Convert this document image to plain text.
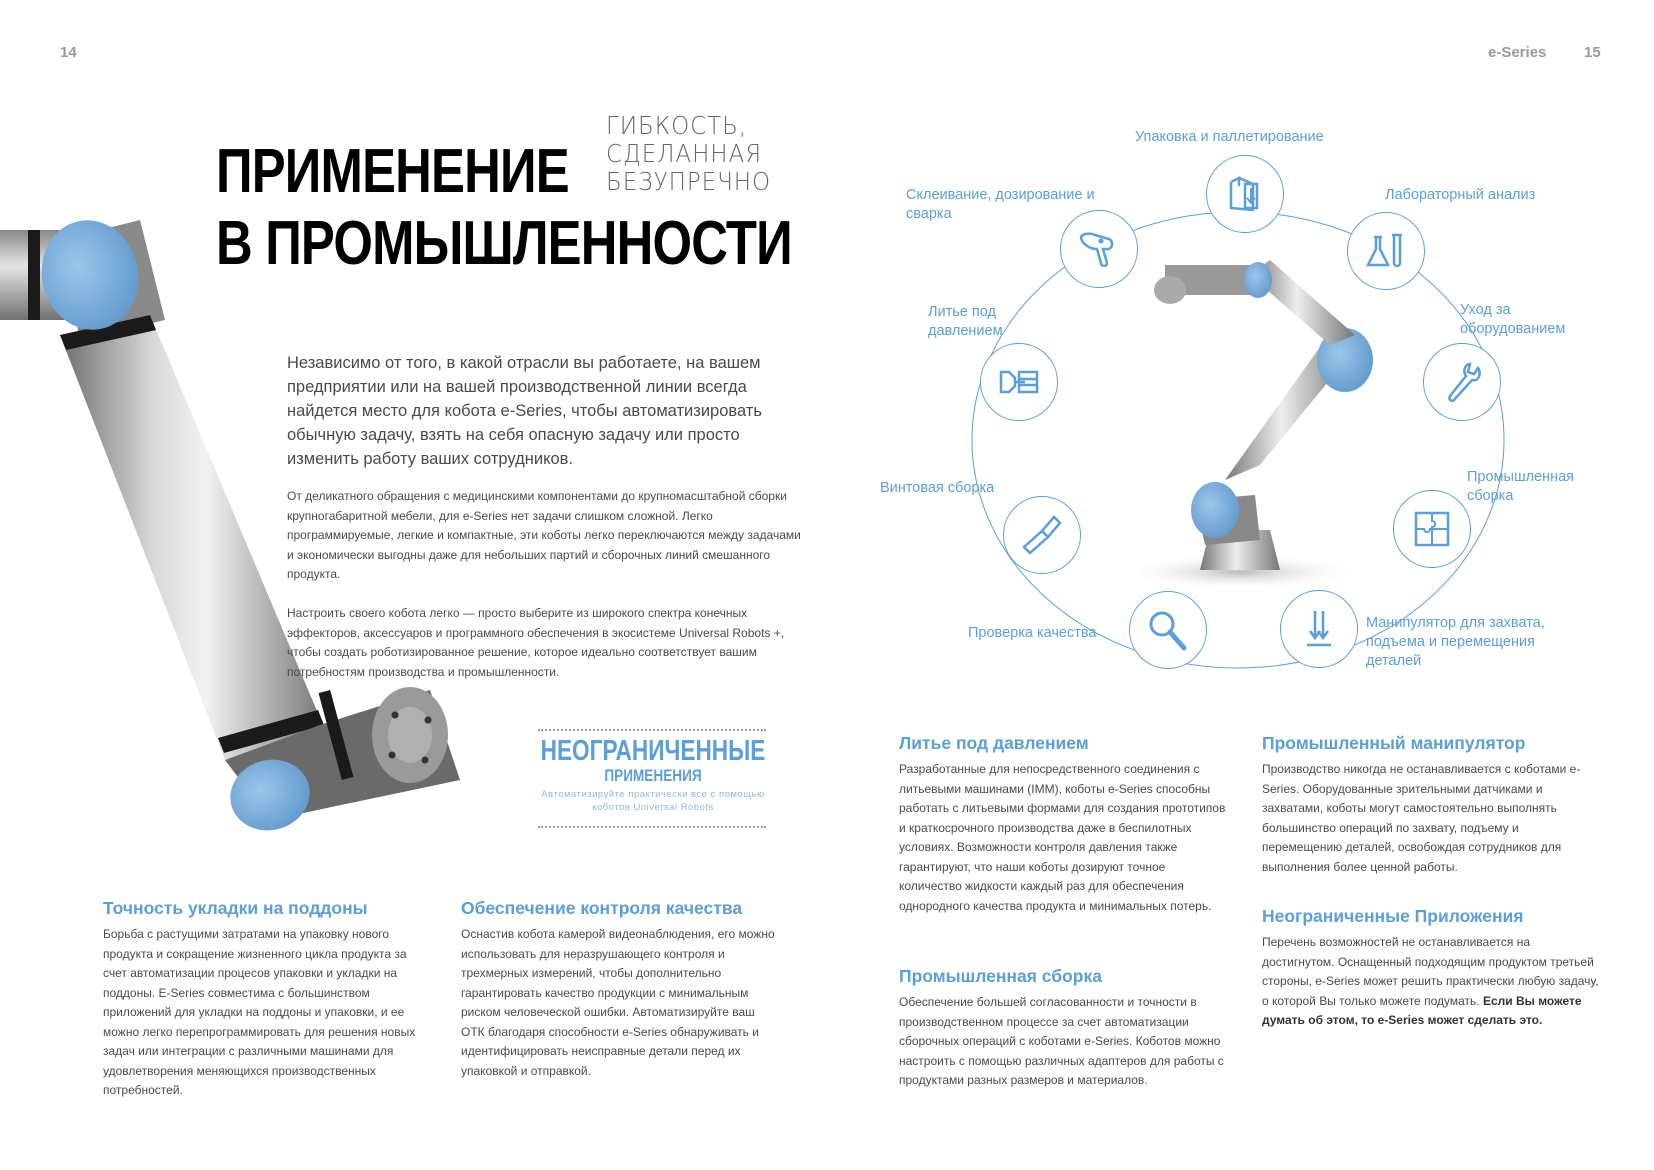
14	e-Series	15
ПРИМЕНЕНИЕ
В ПРОМЫШЛЕННОСТИ
ГИБКОСТЬ,
СДЕЛАННАЯ
БЕЗУПРЕЧНО
Независимо от того, в какой отрасли вы работаете, на вашем предприятии или на вашей производственной линии всегда найдется место для кобота e-Series, чтобы автоматизировать обычную задачу, взять на себя опасную задачу или просто изменить работу ваших сотрудников.
От деликатного обращения с медицинскими компонентами до крупномасштабной сборки крупногабаритной мебели, для e-Series нет задачи слишком сложной. Легко программируемые, легкие и компактные, эти коботы легко переключаются между задачами и экономически выгодны даже для небольших партий и сборочных линий смешанного продукта.
Настроить своего кобота легко — просто выберите из широкого спектра конечных эффекторов, аксессуаров и программного обеспечения в экосистеме Universal Robots +, чтобы создать роботизированное решение, которое идеально соответствует вашим потребностям производства и промышленности.
НЕОГРАНИЧЕННЫЕ
ПРИМЕНЕНИЯ
Автоматизируйте практически все с помощью коботов Universal Robots
Упаковка и паллетирование
Лабораторный анализ
Уход за оборудованием
Промышленная сборка
Манипулятор для захвата, подъема и перемещения деталей
Проверка качества
Винтовая сборка
Литье под давлением
Склеивание, дозирование и сварка
Точность укладки на поддоны
Борьба с растущими затратами на упаковку нового продукта и сокращение жизненного цикла продукта за счет автоматизации процесов упаковки и укладки на поддоны. E-Series совместима с большинством приложений для укладки на поддоны и упаковки, и ее можно легко перепрограммировать для решения новых задач или интеграции с различными машинами для удовлетворения меняющихся производственных потребностей.
Обеспечение контроля качества
Оснастив кобота камерой видеонаблюдения, его можно использовать для неразрушающего контроля и трехмерных измерений, чтобы дополнительно гарантировать качество продукции с минимальным риском человеческой ошибки. Автоматизируйте ваш ОТК благодаря способности e-Series обнаруживать и идентифицировать неисправные детали перед их упаковкой и отправкой.
Литье под давлением
Разработанные для непосредственного соединения с литьевыми машинами (IMM), коботы e-Series способны работать с литьевыми формами для создания прототипов и краткосрочного производства даже в беспилотных условиях. Возможности контроля давления также гарантируют, что наши коботы дозируют точное количество жидкости каждый раз для обеспечения однородного качества продукта и минимальных потерь.
Промышленная сборка
Обеспечение большей согласованности и точности в производственном процессе за счет автоматизации сборочных операций с коботами e-Series. Коботов можно настроить с помощью различных адаптеров для работы с продуктами разных размеров и материалов.
Промышленный манипулятор
Производство никогда не останавливается с коботами e-Series. Оборудованные зрительными датчиками и захватами, коботы могут самостоятельно выполнять большинство операций по захвату, подъему и перемещению деталей, освобождая сотрудников для выполнения более ценной работы.
Неограниченные Приложения
Перечень возможностей не останавливается на достигнутом. Оснащенный подходящим продуктом третьей стороны, e-Series может решить практически любую задачу, о которой Вы только можете подумать. Если Вы можете думать об этом, то e-Series может сделать это.
